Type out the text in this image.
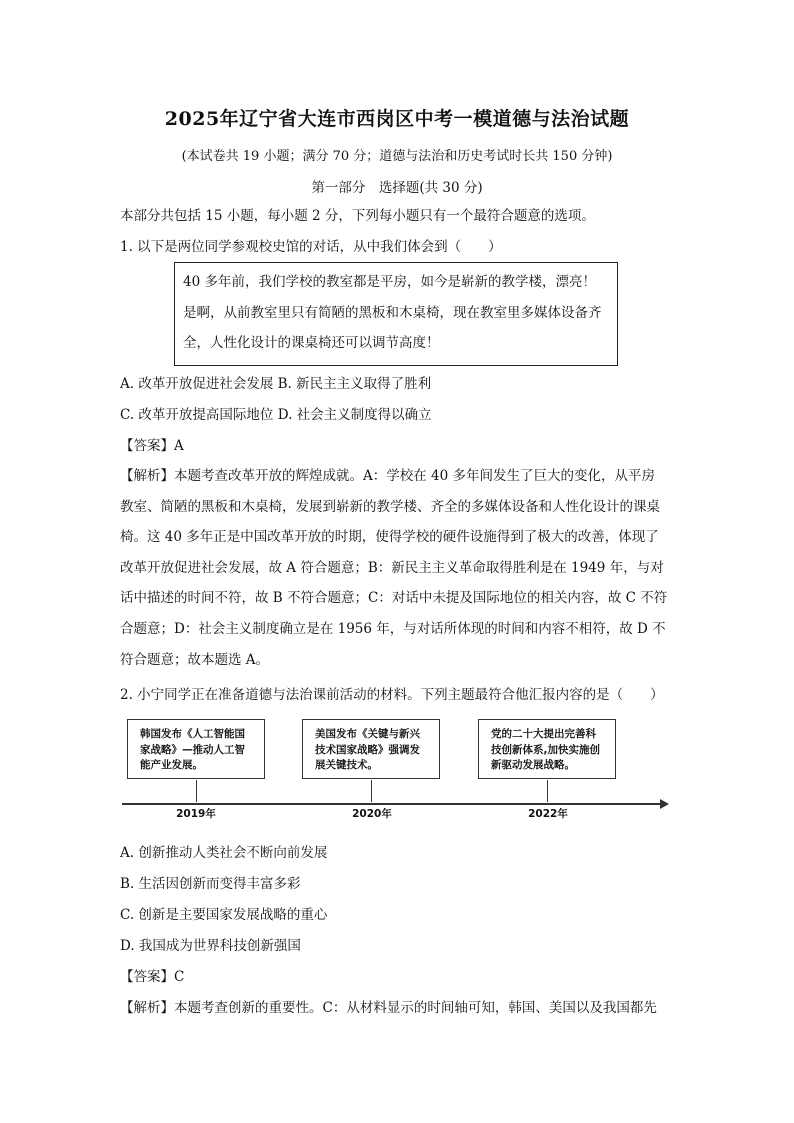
2025年辽宁省大连市西岗区中考一模道德与法治试题
(本试卷共 19 小题；满分 70 分；道德与法治和历史考试时长共 150 分钟)
第一部分　选择题(共 30 分)
本部分共包括 15 小题，每小题 2 分，下列每小题只有一个最符合题意的选项。
1. 以下是两位同学参观校史馆的对话，从中我们体会到（　　）
40 多年前，我们学校的教室都是平房，如今是崭新的教学楼，漂亮！
是啊，从前教室里只有简陋的黑板和木桌椅，现在教室里多媒体设备齐
全，人性化设计的课桌椅还可以调节高度！
A. 改革开放促进社会发展 B. 新民主主义取得了胜利
C. 改革开放提高国际地位 D. 社会主义制度得以确立
【答案】A
【解析】本题考查改革开放的辉煌成就。A：学校在 40 多年间发生了巨大的变化，从平房
教室、简陋的黑板和木桌椅，发展到崭新的教学楼、齐全的多媒体设备和人性化设计的课桌
椅。这 40 多年正是中国改革开放的时期，使得学校的硬件设施得到了极大的改善，体现了
改革开放促进社会发展，故 A 符合题意；B：新民主主义革命取得胜利是在 1949 年，与对
话中描述的时间不符，故 B 不符合题意；C：对话中未提及国际地位的相关内容，故 C 不符
合题意；D：社会主义制度确立是在 1956 年，与对话所体现的时间和内容不相符，故 D 不
符合题意；故本题选 A。
2. 小宁同学正在准备道德与法治课前活动的材料。下列主题最符合他汇报内容的是（　　）
韩国发布《人工智能国家战略》—推动人工智能产业发展。
美国发布《关键与新兴技术国家战略》强调发展关键技术。
党的二十大提出完善科技创新体系,加快实施创新驱动发展战略。
2019年	2020年	2022年
A. 创新推动人类社会不断向前发展
B. 生活因创新而变得丰富多彩
C. 创新是主要国家发展战略的重心
D. 我国成为世界科技创新强国
【答案】C
【解析】本题考查创新的重要性。C：从材料显示的时间轴可知，韩国、美国以及我国都先
